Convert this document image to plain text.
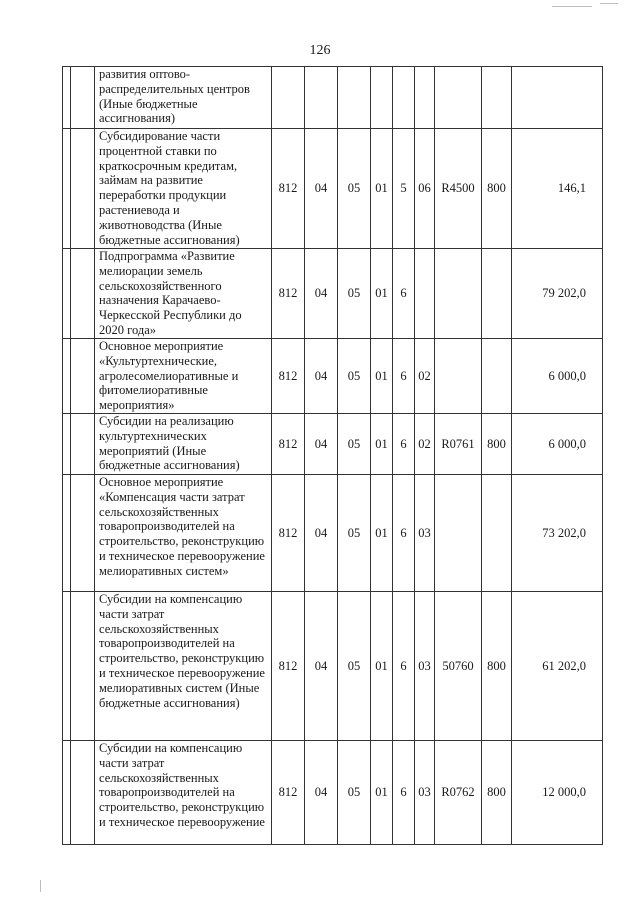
126
		развития оптово-распределительных центров (Иные бюджетные ассигнования)									
		Субсидирование части процентной ставки по краткосрочным кредитам, займам на развитие переработки продукции растениевода и животноводства (Иные бюджетные ассигнования)	812	04	05	01	5	06	R4500	800	146,1
		Подпрограмма «Развитие мелиорации земель сельскохозяйственного назначения Карачаево-Черкесской Республики до 2020 года»	812	04	05	01	6				79 202,0
		Основное мероприятие «Культуртехнические, агролесомелиоративные и фитомелиоративные мероприятия»	812	04	05	01	6	02			6 000,0
		Субсидии на реализацию культуртехнических мероприятий (Иные бюджетные ассигнования)	812	04	05	01	6	02	R0761	800	6 000,0
		Основное мероприятие «Компенсация части затрат сельскохозяйственных товаропроизводителей на строительство, реконструкцию и техническое перевооружение мелиоративных систем»	812	04	05	01	6	03			73 202,0
		Субсидии на компенсацию части затрат сельскохозяйственных товаропроизводителей на строительство, реконструкцию и техническое перевооружение мелиоративных систем (Иные бюджетные ассигнования)	812	04	05	01	6	03	50760	800	61 202,0
		Субсидии на компенсацию части затрат сельскохозяйственных товаропроизводителей на строительство, реконструкцию и техническое перевооружение	812	04	05	01	6	03	R0762	800	12 000,0
